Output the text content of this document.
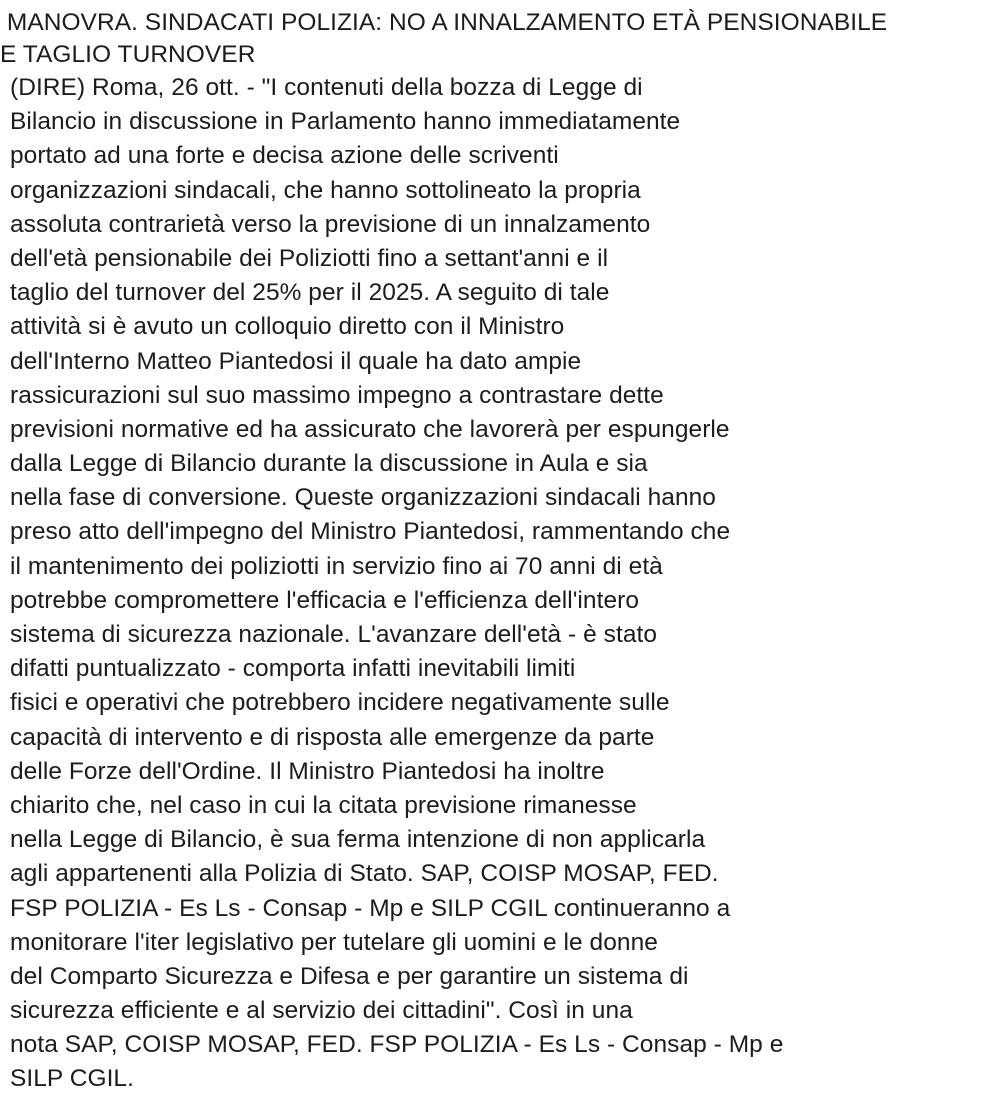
MANOVRA. SINDACATI POLIZIA: NO A INNALZAMENTO ETÀ PENSIONABILE
E TAGLIO TURNOVER
(DIRE) Roma, 26 ott. - "I contenuti della bozza di Legge di
Bilancio in discussione in Parlamento hanno immediatamente
portato ad una forte e decisa azione delle scriventi
organizzazioni sindacali, che hanno sottolineato la propria
assoluta contrarietà verso la previsione di un innalzamento
dell'età pensionabile dei Poliziotti fino a settant'anni e il
taglio del turnover del 25% per il 2025. A seguito di tale
attività si è avuto un colloquio diretto con il Ministro
dell'Interno Matteo Piantedosi il quale ha dato ampie
rassicurazioni sul suo massimo impegno a contrastare dette
previsioni normative ed ha assicurato che lavorerà per espungerle
dalla Legge di Bilancio durante la discussione in Aula e sia
nella fase di conversione. Queste organizzazioni sindacali hanno
preso atto dell'impegno del Ministro Piantedosi, rammentando che
il mantenimento dei poliziotti in servizio fino ai 70 anni di età
potrebbe compromettere l'efficacia e l'efficienza dell'intero
sistema di sicurezza nazionale. L'avanzare dell'età - è stato
difatti puntualizzato - comporta infatti inevitabili limiti
fisici e operativi che potrebbero incidere negativamente sulle
capacità di intervento e di risposta alle emergenze da parte
delle Forze dell'Ordine. Il Ministro Piantedosi ha inoltre
chiarito che, nel caso in cui la citata previsione rimanesse
nella Legge di Bilancio, è sua ferma intenzione di non applicarla
agli appartenenti alla Polizia di Stato. SAP, COISP MOSAP, FED.
FSP POLIZIA - Es Ls - Consap - Mp e SILP CGIL continueranno a
monitorare l'iter legislativo per tutelare gli uomini e le donne
del Comparto Sicurezza e Difesa e per garantire un sistema di
sicurezza efficiente e al servizio dei cittadini". Così in una
nota SAP, COISP MOSAP, FED. FSP POLIZIA - Es Ls - Consap - Mp e
SILP CGIL.
